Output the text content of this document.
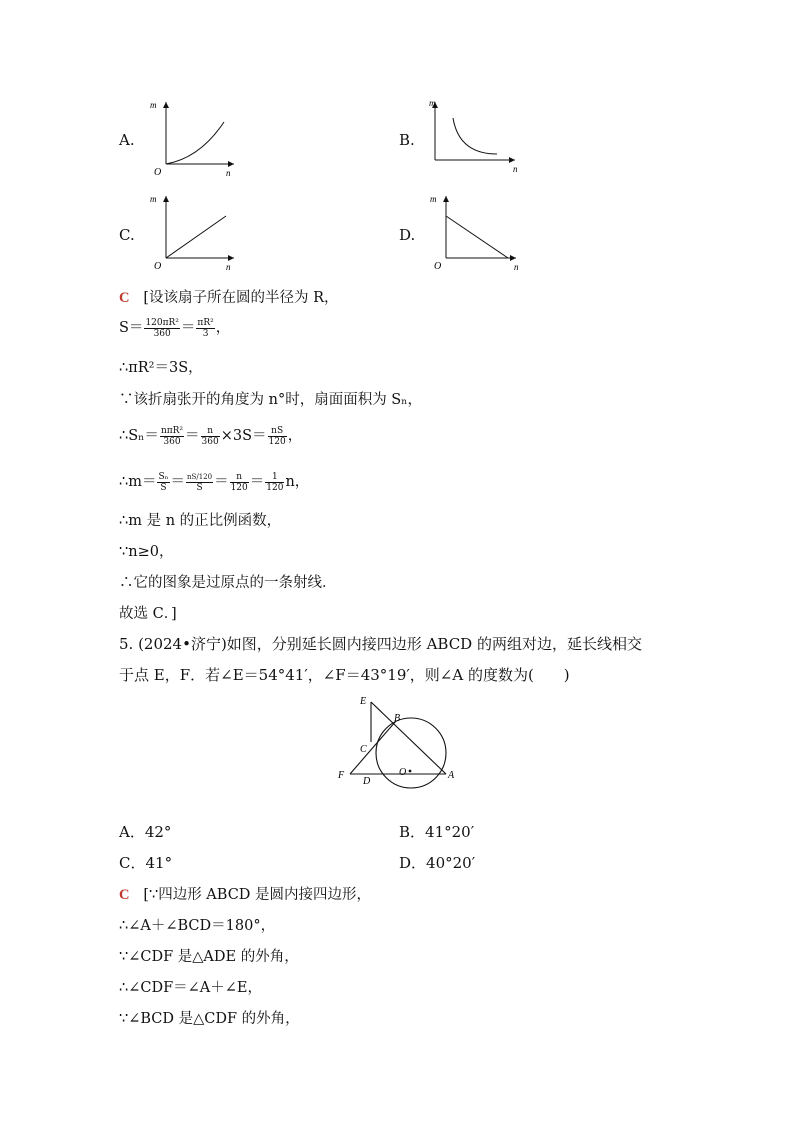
A.
m
n
O
B.
m
n
C.
m
n
O
D.
m
n
O
C [设该扇子所在圆的半径为 R，
$S= \frac{\text{120πR²}}{360} = \frac{\text{πR²}}{3}$ ，
∴πR²＝3S，
∵该折扇张开的角度为 n°时，扇面面积为 Sₙ，
∴Sₙ＝ $\frac{\text{nπR²}}{360} = \frac{n}{360} \times 3S= \frac{nS}{120}$ ，
∴m＝ $\frac{\text{Sₙ}}{S} = \frac{nS/120}{S} = \frac{n}{120} = \frac{1}{120}$ n，
∴m 是 n 的正比例函数，
∵n≥0，
∴它的图象是过原点的一条射线．
故选 C．]
5. (2024•济宁)如图，分别延长圆内接四边形 ABCD 的两组对边，延长线相交
于点 E，F．若∠E＝54°41′，∠F＝43°19′，则∠A 的度数为(　　)
E
B
C
F
D
O	A
A．42°	B．41°20′
C．41°	D．40°20′
C [∵四边形 ABCD 是圆内接四边形，
∴∠A＋∠BCD＝180°，
∵∠CDF 是△ADE 的外角，
∴∠CDF＝∠A＋∠E，
∵∠BCD 是△CDF 的外角，
